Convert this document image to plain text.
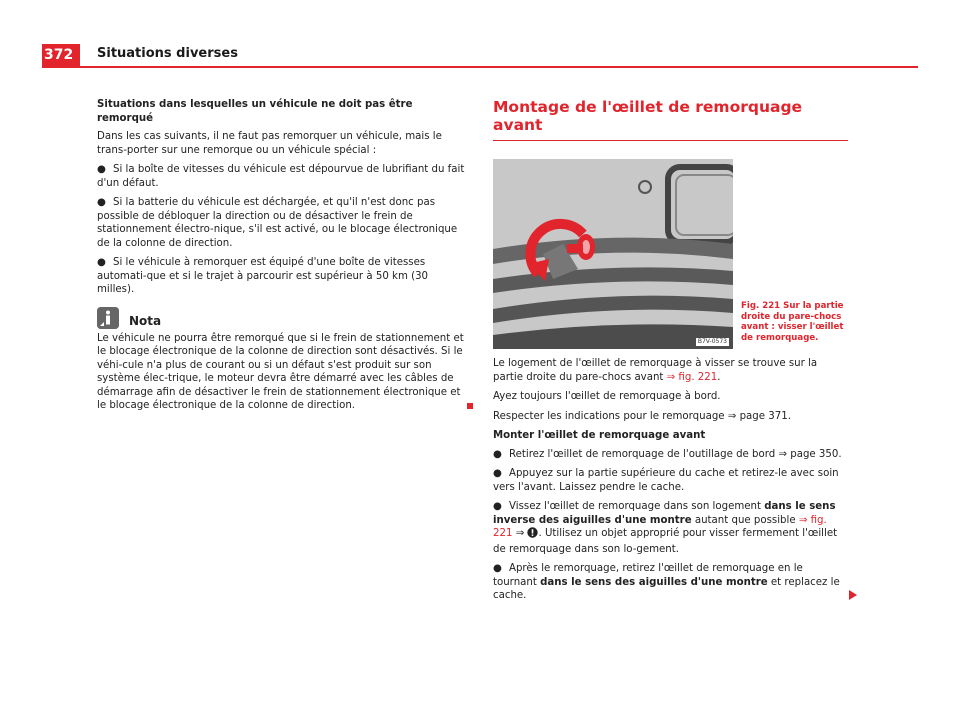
372	Situations diverses

Situations dans lesquelles un véhicule ne doit pas être remorqué

Dans les cas suivants, il ne faut pas remorquer un véhicule, mais le trans-porter sur une remorque ou un véhicule spécial :

● Si la boîte de vitesses du véhicule est dépourvue de lubrifiant du fait d'un défaut.

● Si la batterie du véhicule est déchargée, et qu'il n'est donc pas possible de débloquer la direction ou de désactiver le frein de stationnement électro-nique, s'il est activé, ou le blocage électronique de la colonne de direction.

● Si le véhicule à remorquer est équipé d'une boîte de vitesses automati-que et si le trajet à parcourir est supérieur à 50 km (30 milles).

Nota

Le véhicule ne pourra être remorqué que si le frein de stationnement et le blocage électronique de la colonne de direction sont désactivés. Si le véhi-cule n'a plus de courant ou si un défaut s'est produit sur son système élec-trique, le moteur devra être démarré avec les câbles de démarrage afin de désactiver le frein de stationnement électronique et le blocage électronique de la colonne de direction.

Montage de l'œillet de remorquage avant
B7V-0573
Fig. 221 Sur la partie droite du pare-chocs avant : visser l'œillet de remorquage.

Le logement de l'œillet de remorquage à visser se trouve sur la partie droite du pare-chocs avant ⇒ fig. 221.

Ayez toujours l'œillet de remorquage à bord.

Respecter les indications pour le remorquage ⇒ page 371.

Monter l'œillet de remorquage avant

● Retirez l'œillet de remorquage de l'outillage de bord ⇒ page 350.

● Appuyez sur la partie supérieure du cache et retirez-le avec soin vers l'avant. Laissez pendre le cache.

● Vissez l'œillet de remorquage dans son logement dans le sens inverse des aiguilles d'une montre autant que possible ⇒ fig. 221 ⇒ . Utilisez un objet approprié pour visser fermement l'œillet de remorquage dans son lo-gement.

● Après le remorquage, retirez l'œillet de remorquage en le tournant dans le sens des aiguilles d'une montre et replacez le cache.
